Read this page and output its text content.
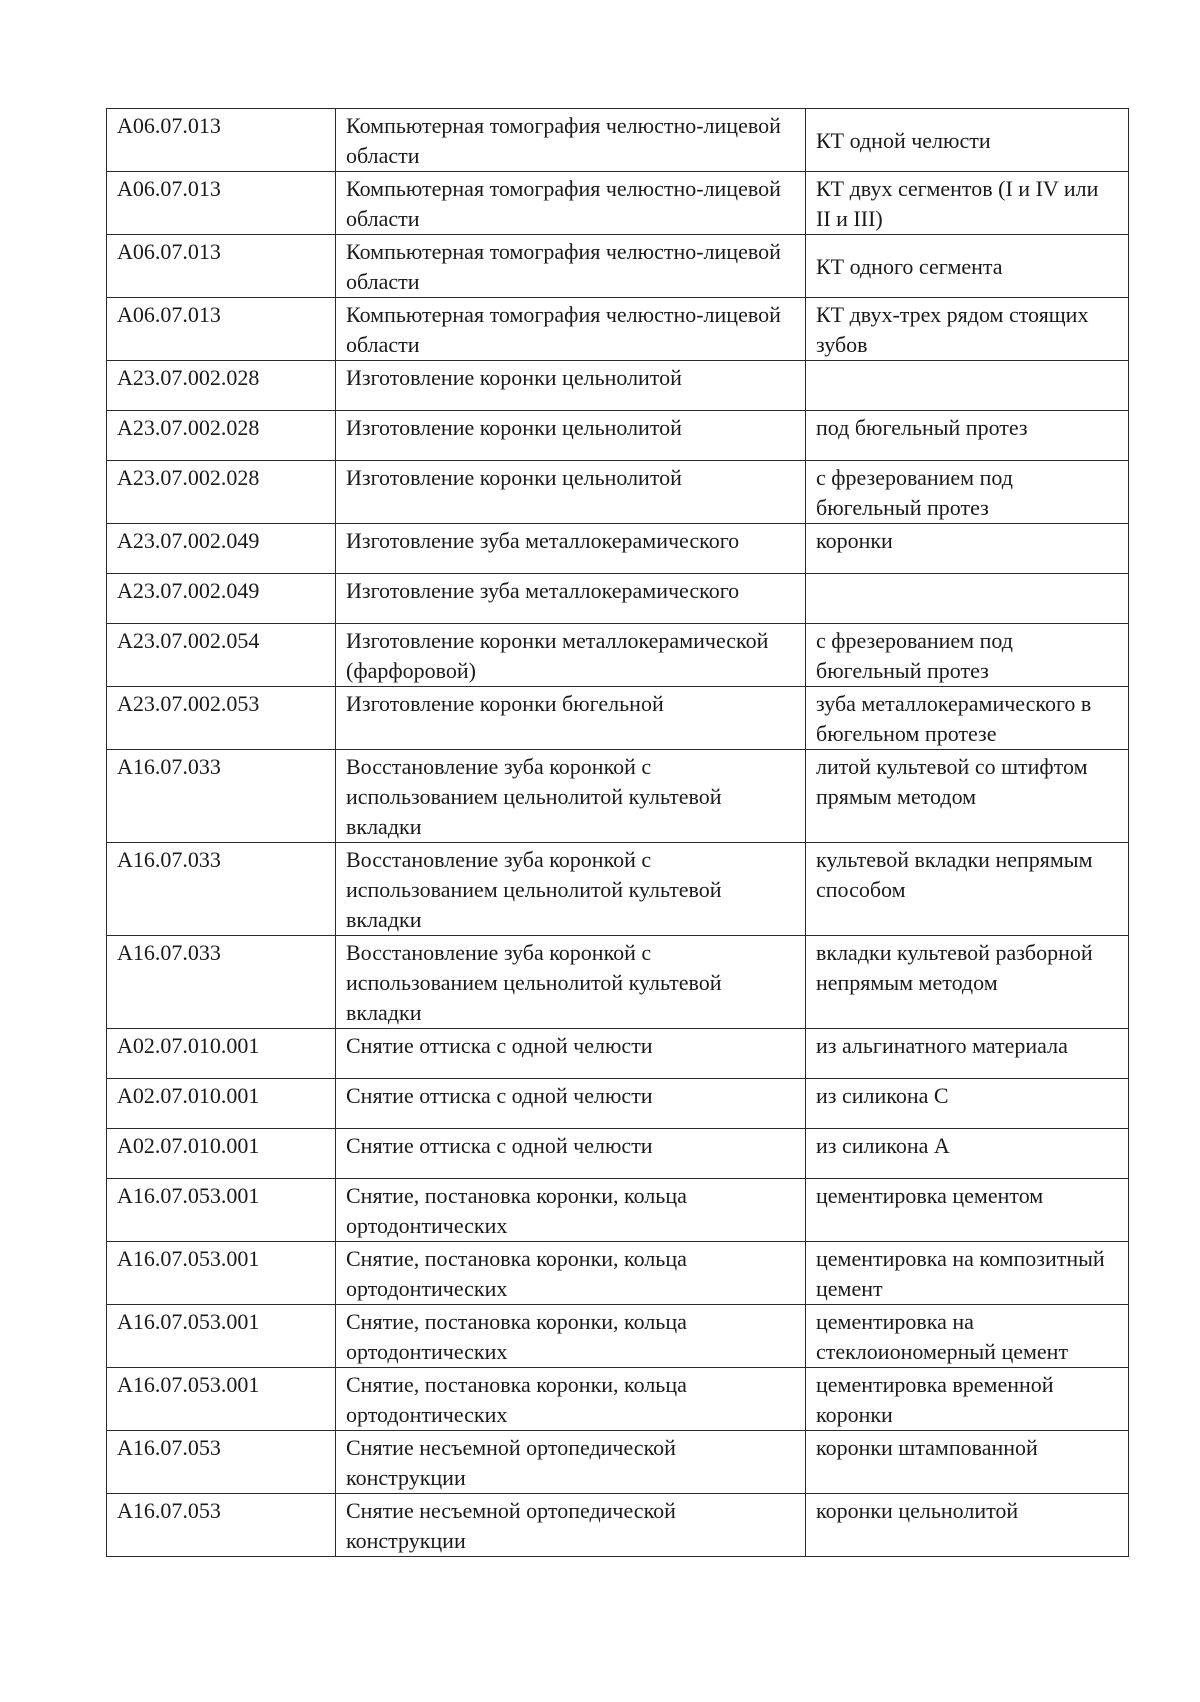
А06.07.013	Компьютерная томография челюстно-лицевой области	КТ одной челюсти
А06.07.013	Компьютерная томография челюстно-лицевой области	КТ двух сегментов (I и IV или II и III)
А06.07.013	Компьютерная томография челюстно-лицевой области	КТ одного сегмента
А06.07.013	Компьютерная томография челюстно-лицевой области	КТ двух-трех рядом стоящих зубов
А23.07.002.028	Изготовление коронки цельнолитой	
А23.07.002.028	Изготовление коронки цельнолитой	под бюгельный протез
А23.07.002.028	Изготовление коронки цельнолитой	с фрезерованием под бюгельный протез
А23.07.002.049	Изготовление зуба металлокерамического	коронки
А23.07.002.049	Изготовление зуба металлокерамического	
А23.07.002.054	Изготовление коронки металлокерамической (фарфоровой)	с фрезерованием под бюгельный протез
А23.07.002.053	Изготовление коронки бюгельной	зуба металлокерамического в бюгельном протезе
А16.07.033	Восстановление зуба коронкой с использованием цельнолитой культевой вкладки	литой культевой со штифтом прямым методом
А16.07.033	Восстановление зуба коронкой с использованием цельнолитой культевой вкладки	культевой вкладки непрямым способом
А16.07.033	Восстановление зуба коронкой с использованием цельнолитой культевой вкладки	вкладки культевой разборной непрямым методом
А02.07.010.001	Снятие оттиска с одной челюсти	из альгинатного материала
А02.07.010.001	Снятие оттиска с одной челюсти	из силикона С
А02.07.010.001	Снятие оттиска с одной челюсти	из силикона А
А16.07.053.001	Снятие, постановка коронки, кольца ортодонтических	цементировка цементом
А16.07.053.001	Снятие, постановка коронки, кольца ортодонтических	цементировка на композитный цемент
А16.07.053.001	Снятие, постановка коронки, кольца ортодонтических	цементировка на стеклоиономерный цемент
А16.07.053.001	Снятие, постановка коронки, кольца ортодонтических	цементировка временной коронки
А16.07.053	Снятие несъемной ортопедической конструкции	коронки штампованной
А16.07.053	Снятие несъемной ортопедической конструкции	коронки цельнолитой
